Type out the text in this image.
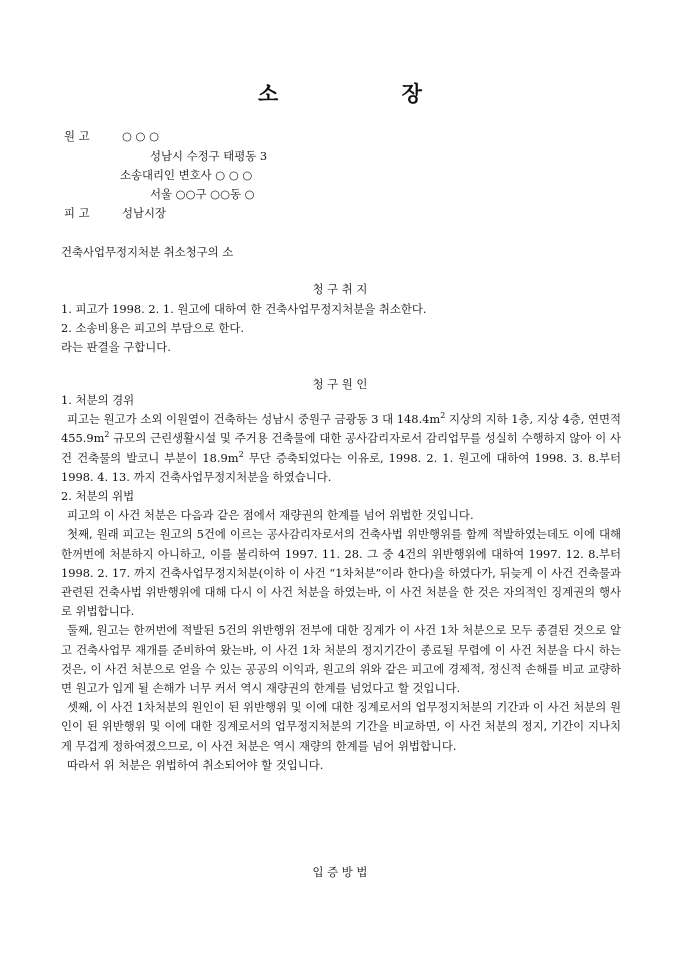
소 장
원 고	○ ○ ○
성남시 수정구 태평동 3
소송대리인 변호사 ○ ○ ○
서울 ○○구 ○○동 ○
피 고	성남시장
건축사업무정지처분 취소청구의 소
청 구 취 지
1. 피고가 1998. 2. 1. 원고에 대하여 한 건축사업무정지처분을 취소한다.
2. 소송비용은 피고의 부담으로 한다.
라는 판결을 구합니다.
청 구 원 인

1. 처분의 경위

피고는 원고가 소외 이원열이 건축하는 성남시 중원구 금광동 3 대 $148.4m^2$ 지상의 지하 1층, 지상 4층, 연면적 $455.9m^2$ 규모의 근린생활시설 및 주거용 건축물에 대한 공사감리자로서 감리업무를 성실히 수행하지 않아 이 사건 건축물의 발코니 부분이 $18.9m^2$ 무단 증축되었다는 이유로, 1998. 2. 1. 원고에 대하여 1998. 3. 8.부터 1998. 4. 13. 까지 건축사업무정지처분을 하였습니다.

2. 처분의 위법

피고의 이 사건 처분은 다음과 같은 점에서 재량권의 한계를 넘어 위법한 것입니다.

첫째, 원래 피고는 원고의 5건에 이르는 공사감리자로서의 건축사법 위반행위를 함께 적발하였는데도 이에 대해 한꺼번에 처분하지 아니하고, 이를 불리하여 1997. 11. 28. 그 중 4건의 위반행위에 대하여 1997. 12. 8.부터 1998. 2. 17. 까지 건축사업무정지처분(이하 이 사건 “1차처분”이라 한다)을 하였다가, 뒤늦게 이 사건 건축물과 관련된 건축사법 위반행위에 대해 다시 이 사건 처분을 하였는바, 이 사건 처분을 한 것은 자의적인 징계권의 행사로 위법합니다.

둘째, 원고는 한꺼번에 적발된 5건의 위반행위 전부에 대한 징계가 이 사건 1차 처분으로 모두 종결된 것으로 알고 건축사업무 재개를 준비하여 왔는바, 이 사건 1차 처분의 정지기간이 종료될 무렵에 이 사건 처분을 다시 하는 것은, 이 사건 처분으로 얻을 수 있는 공공의 이익과, 원고의 위와 같은 피고에 경제적, 정신적 손해를 비교 교량하면 원고가 입게 될 손해가 너무 커서 역시 재량권의 한계를 넘었다고 할 것입니다.

셋째, 이 사건 1차처분의 원인이 된 위반행위 및 이에 대한 징계로서의 업무정지처분의 기간과 이 사건 처분의 원인이 된 위반행위 및 이에 대한 징계로서의 업무정지처분의 기간을 비교하면, 이 사건 처분의 정지, 기간이 지나치게 무겁게 정하여졌으므로, 이 사건 처분은 역시 재량의 한계를 넘어 위법합니다.

따라서 위 처분은 위법하여 취소되어야 할 것입니다.

입 증 방 법
